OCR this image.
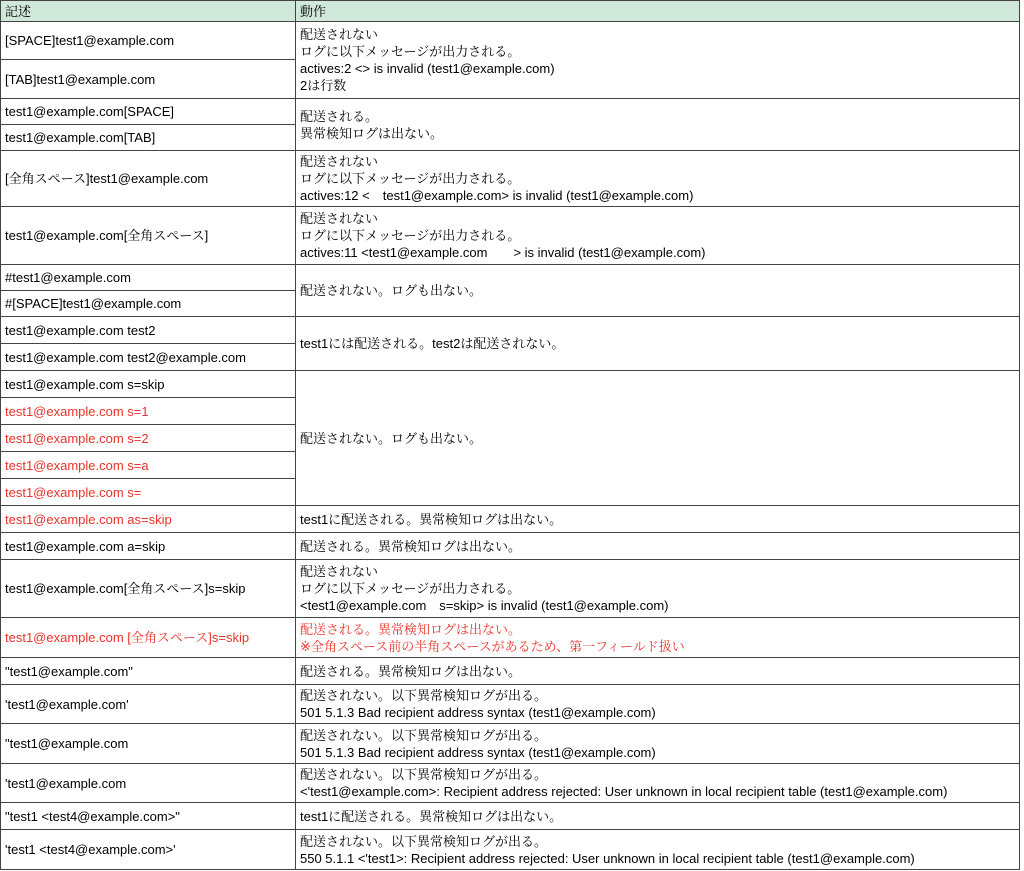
記述	動作
[SPACE]test1@example.com	配送されない
ログに以下メッセージが出力される。
actives:2 <> is invalid (test1@example.com)
2は行数

[TAB]test1@example.com	
test1@example.com[SPACE]	配送される。
異常検知ログは出ない。

test1@example.com[TAB]	
[全角スペース]test1@example.com	配送されない
ログに以下メッセージが出力される。
actives:12 <　test1@example.com> is invalid (test1@example.com)

test1@example.com[全角スペース]	配送されない
ログに以下メッセージが出力される。
actives:11 <test1@example.com　　> is invalid (test1@example.com)

#test1@example.com	配送されない。ログも出ない。

#[SPACE]test1@example.com	
test1@example.com test2	test1には配送される。test2は配送されない。

test1@example.com test2@example.com	
test1@example.com s=skip	配送されない。ログも出ない。

test1@example.com s=1	
test1@example.com s=2	
test1@example.com s=a	
test1@example.com s=	
test1@example.com as=skip	test1に配送される。異常検知ログは出ない。

test1@example.com a=skip	配送される。異常検知ログは出ない。

test1@example.com[全角スペース]s=skip	配送されない
ログに以下メッセージが出力される。
<test1@example.com　s=skip> is invalid (test1@example.com)

test1@example.com [全角スペース]s=skip	配送される。異常検知ログは出ない。
※全角スペース前の半角スペースがあるため、第一フィールド扱い

"test1@example.com"	配送される。異常検知ログは出ない。

'test1@example.com'	配送されない。以下異常検知ログが出る。
501 5.1.3 Bad recipient address syntax (test1@example.com)

"test1@example.com	配送されない。以下異常検知ログが出る。
501 5.1.3 Bad recipient address syntax (test1@example.com)

'test1@example.com	配送されない。以下異常検知ログが出る。
<'test1@example.com>: Recipient address rejected: User unknown in local recipient table (test1@example.com)

"test1 <test4@example.com>"	test1に配送される。異常検知ログは出ない。

'test1 <test4@example.com>'	配送されない。以下異常検知ログが出る。
550 5.1.1 <'test1>: Recipient address rejected: User unknown in local recipient table (test1@example.com)
